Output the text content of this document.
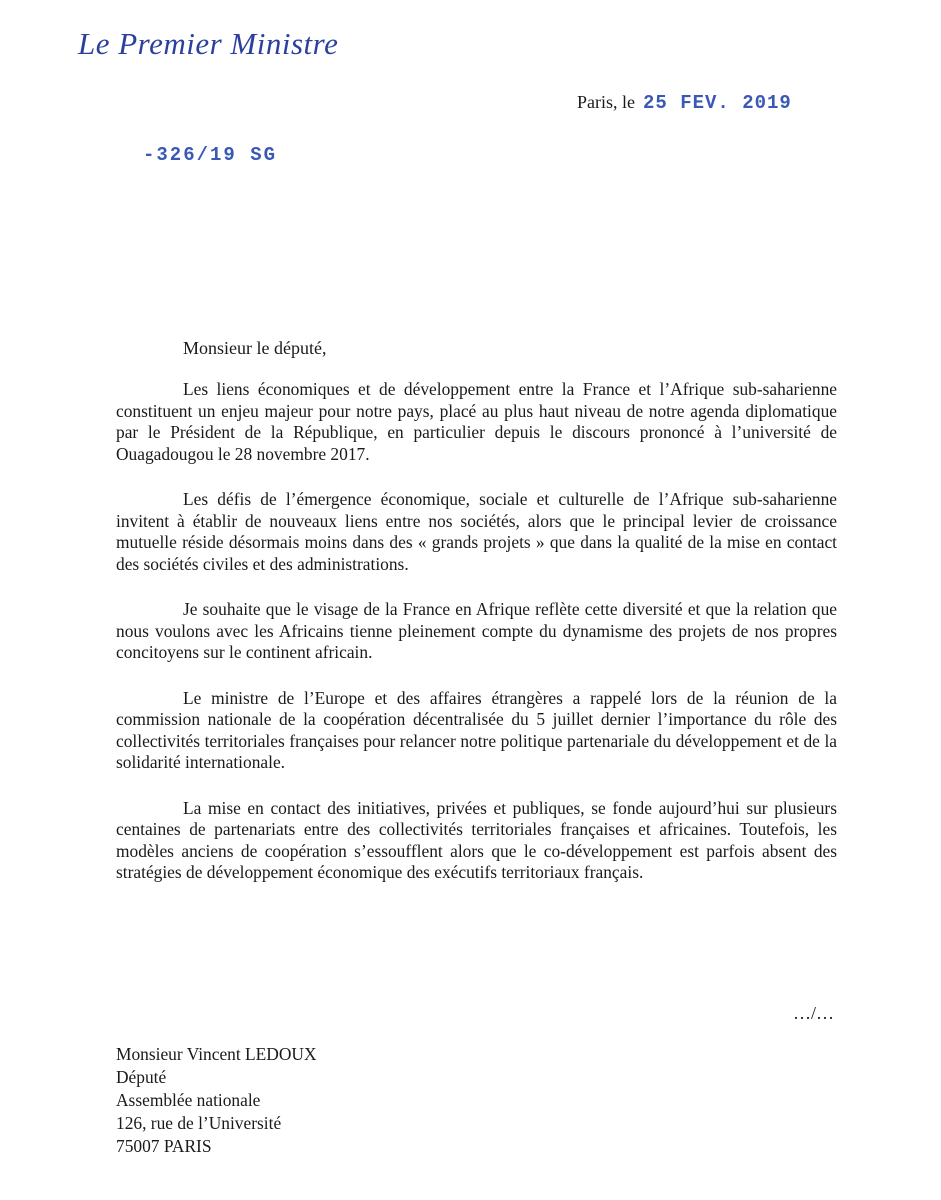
Le Premier Ministre
Paris, le 25 FEV. 2019
-326/19 SG
Monsieur le député,

Les liens économiques et de développement entre la France et l’Afrique sub-saharienne constituent un enjeu majeur pour notre pays, placé au plus haut niveau de notre agenda diplomatique par le Président de la République, en particulier depuis le discours prononcé à l’université de Ouagadougou le 28 novembre 2017.

Les défis de l’émergence économique, sociale et culturelle de l’Afrique sub-saharienne invitent à établir de nouveaux liens entre nos sociétés, alors que le principal levier de croissance mutuelle réside désormais moins dans des « grands projets » que dans la qualité de la mise en contact des sociétés civiles et des administrations.

Je souhaite que le visage de la France en Afrique reflète cette diversité et que la relation que nous voulons avec les Africains tienne pleinement compte du dynamisme des projets de nos propres concitoyens sur le continent africain.

Le ministre de l’Europe et des affaires étrangères a rappelé lors de la réunion de la commission nationale de la coopération décentralisée du 5 juillet dernier l’importance du rôle des collectivités territoriales françaises pour relancer notre politique partenariale du développement et de la solidarité internationale.

La mise en contact des initiatives, privées et publiques, se fonde aujourd’hui sur plusieurs centaines de partenariats entre des collectivités territoriales françaises et africaines. Toutefois, les modèles anciens de coopération s’essoufflent alors que le co-développement est parfois absent des stratégies de développement économique des exécutifs territoriaux français.

…/…
Monsieur Vincent LEDOUX
Député
Assemblée nationale
126, rue de l’Université
75007 PARIS
